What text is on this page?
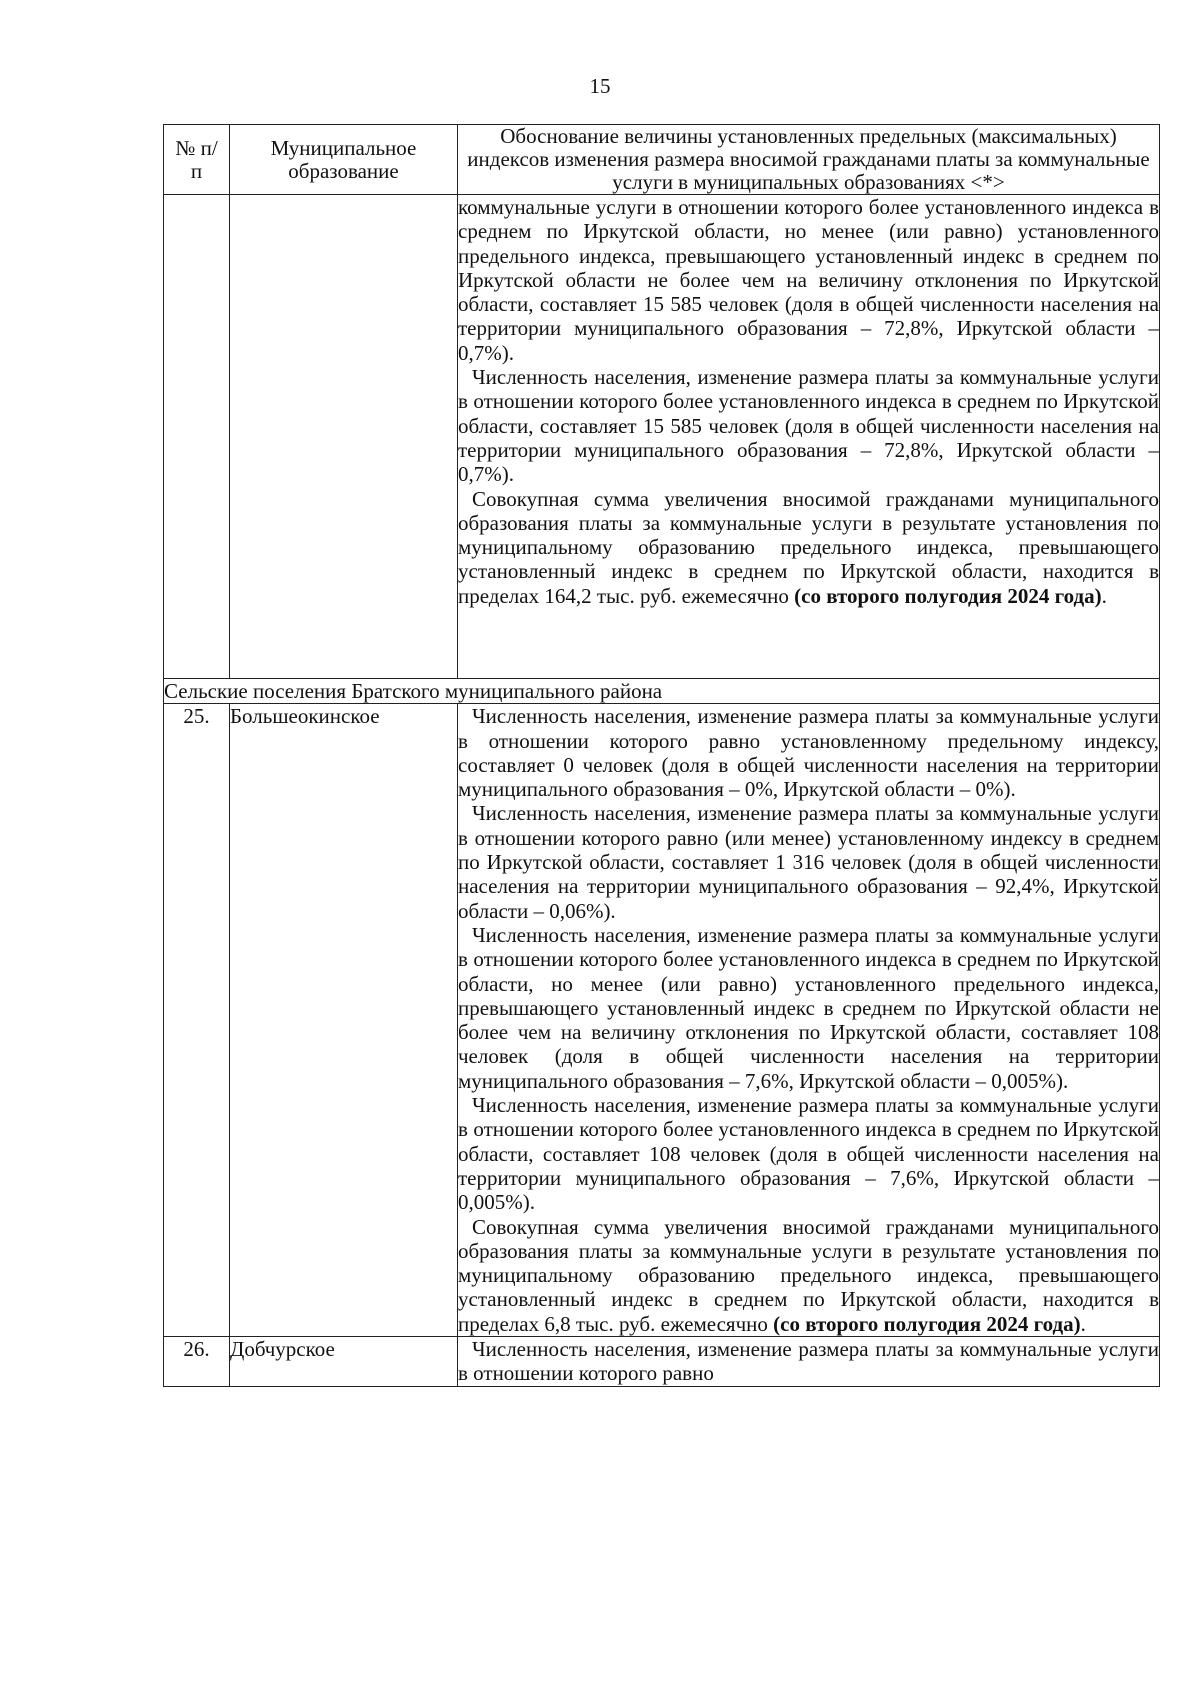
15
№ п/п	Муниципальное образование	Обоснование величины установленных предельных (максимальных) индексов изменения размера вносимой гражданами платы за коммунальные услуги в муниципальных образованиях <*>

		коммунальные услуги в отношении которого более установленного индекса в среднем по Иркутской области, но менее (или равно) установленного предельного индекса, превышающего установленный индекс в среднем по Иркутской области не более чем на величину отклонения по Иркутской области, составляет 15 585 человек (доля в общей численности населения на территории муниципального образования – 72,8%, Иркутской области – 0,7%).

Численность населения, изменение размера платы за коммунальные услуги в отношении которого более установленного индекса в среднем по Иркутской области, составляет 15 585 человек (доля в общей численности населения на территории муниципального образования – 72,8%, Иркутской области – 0,7%).

Совокупная сумма увеличения вносимой гражданами муниципального образования платы за коммунальные услуги в результате установления по муниципальному образованию предельного индекса, превышающего установленный индекс в среднем по Иркутской области, находится в пределах 164,2 тыс. руб. ежемесячно (со второго полугодия 2024 года).

Сельские поселения Братского муниципального района		
25.	Большеокинское	Численность населения, изменение размера платы за коммунальные услуги в отношении которого равно установленному предельному индексу, составляет 0 человек (доля в общей численности населения на территории муниципального образования – 0%, Иркутской области – 0%).

Численность населения, изменение размера платы за коммунальные услуги в отношении которого равно (или менее) установленному индексу в среднем по Иркутской области, составляет 1 316 человек (доля в общей численности населения на территории муниципального образования – 92,4%, Иркутской области – 0,06%).

Численность населения, изменение размера платы за коммунальные услуги в отношении которого более установленного индекса в среднем по Иркутской области, но менее (или равно) установленного предельного индекса, превышающего установленный индекс в среднем по Иркутской области не более чем на величину отклонения по Иркутской области, составляет 108 человек (доля в общей численности населения на территории муниципального образования – 7,6%, Иркутской области – 0,005%).

Численность населения, изменение размера платы за коммунальные услуги в отношении которого более установленного индекса в среднем по Иркутской области, составляет 108 человек (доля в общей численности населения на территории муниципального образования – 7,6%, Иркутской области – 0,005%).

Совокупная сумма увеличения вносимой гражданами муниципального образования платы за коммунальные услуги в результате установления по муниципальному образованию предельного индекса, превышающего установленный индекс в среднем по Иркутской области, находится в пределах 6,8 тыс. руб. ежемесячно (со второго полугодия 2024 года).

26.	Добчурское	Численность населения, изменение размера платы за коммунальные услуги в отношении которого равно
